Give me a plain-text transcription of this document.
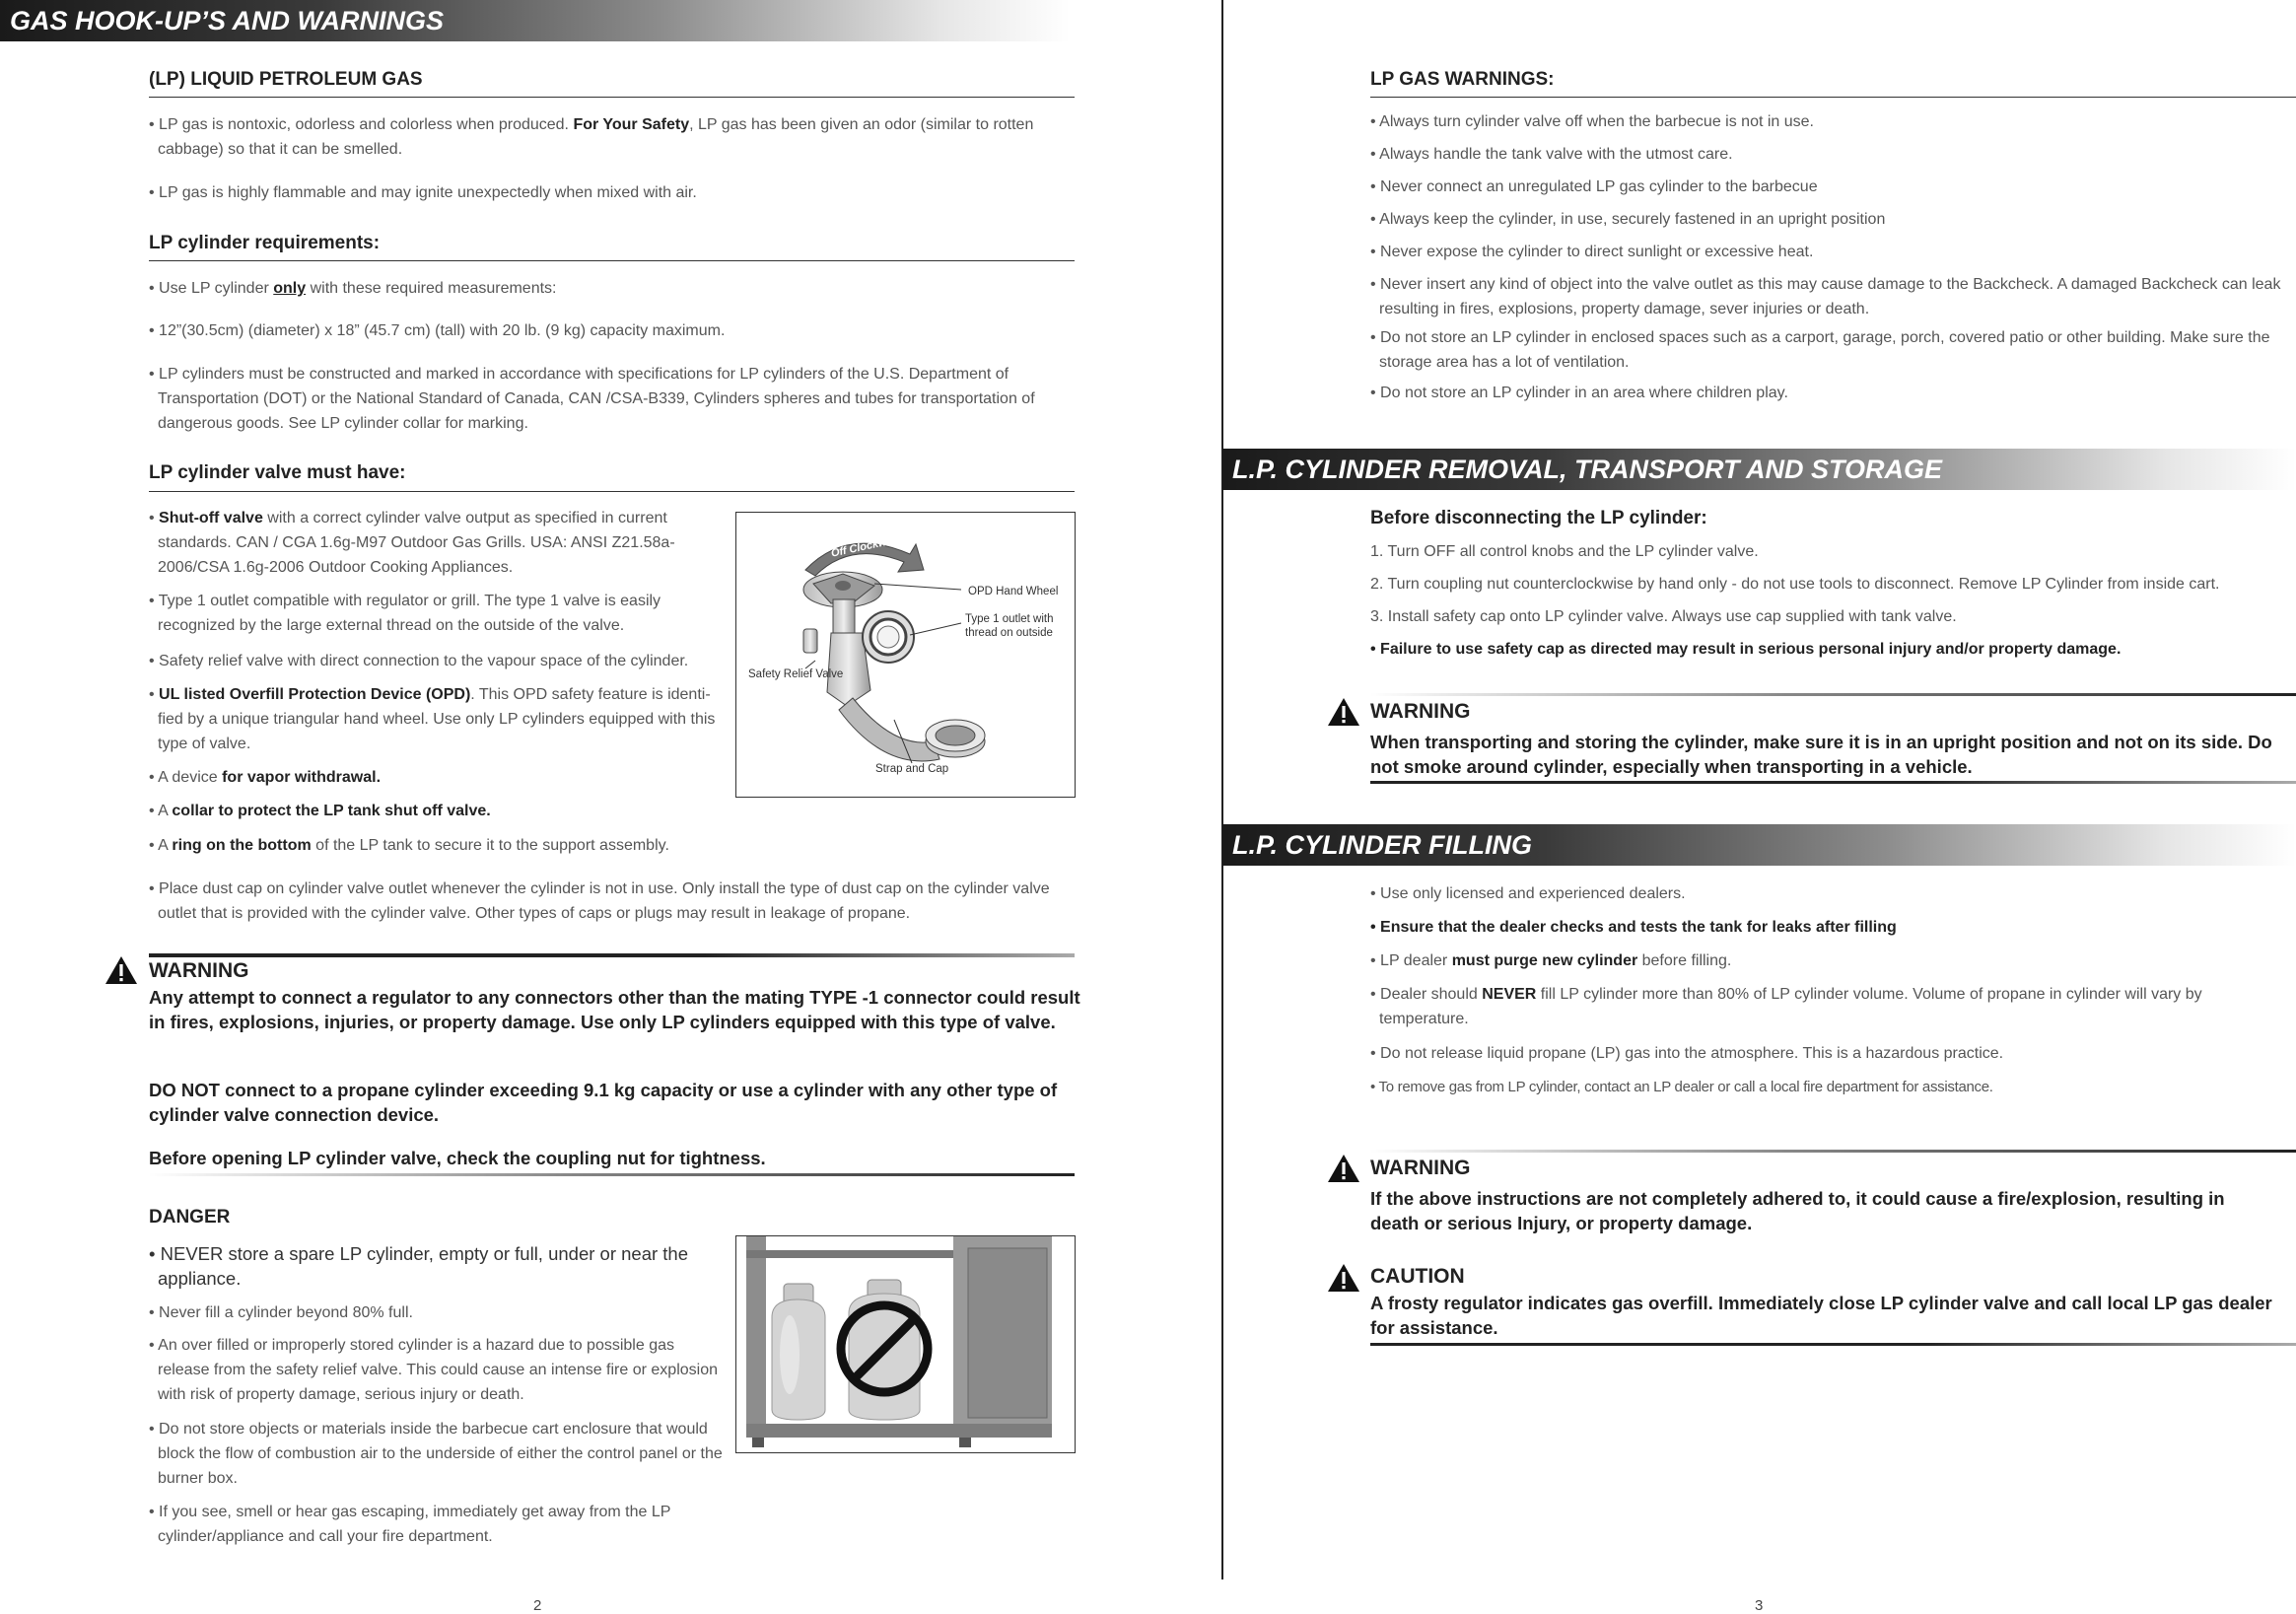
GAS HOOK-UP’S AND WARNINGS
(LP) LIQUID PETROLEUM GAS
• LP gas is nontoxic, odorless and colorless when produced. For Your Safety, LP gas has been given an odor (similar to rotten cabbage) so that it can be smelled.
• LP gas is highly flammable and may ignite unexpectedly when mixed with air.
LP cylinder requirements:
• Use LP cylinder only with these required measurements:
• 12”(30.5cm) (diameter) x 18” (45.7 cm) (tall) with 20 lb. (9 kg) capacity maximum.
• LP cylinders must be constructed and marked in accordance with specifications for LP cylinders of the U.S. Department of Transportation (DOT) or the National Standard of Canada, CAN /CSA-B339, Cylinders spheres and tubes for transportation of dangerous goods. See LP cylinder collar for marking.
LP cylinder valve must have:
• Shut-off valve with a correct cylinder valve output as specified in current standards. CAN / CGA 1.6g-M97 Outdoor Gas Grills. USA: ANSI Z21.58a-2006/CSA 1.6g-2006 Outdoor Cooking Appliances.
• Type 1 outlet compatible with regulator or grill. The type 1 valve is easily recognized by the large external thread on the outside of the valve.
• Safety relief valve with direct connection to the vapour space of the cylinder.
• UL listed Overfill Protection Device (OPD). This OPD safety feature is identi-fied by a unique triangular hand wheel. Use only LP cylinders equipped with this type of valve.
• A device for vapor withdrawal.
• A collar to protect the LP tank shut off valve.
• A ring on the bottom of the LP tank to secure it to the support assembly.
• Place dust cap on cylinder valve outlet whenever the cylinder is not in use. Only install the type of dust cap on the cylinder valve outlet that is provided with the cylinder valve. Other types of caps or plugs may result in leakage of propane.
Off Clockwise
OPD Hand Wheel
Type 1 outlet with
thread on outside
Safety Relief Valve
Strap and Cap
WARNING
Any attempt to connect a regulator to any connectors other than the mating TYPE -1 connector could result in fires, explosions, injuries, or property damage. Use only LP cylinders equipped with this type of valve.
DO NOT connect to a propane cylinder exceeding 9.1 kg capacity or use a cylinder with any other type of cylinder valve connection device.
Before opening LP cylinder valve, check the coupling nut for tightness.
DANGER
• NEVER store a spare LP cylinder, empty or full, under or near the appliance.
• Never fill a cylinder beyond 80% full.
• An over filled or improperly stored cylinder is a hazard due to possible gas release from the safety relief valve. This could cause an intense fire or explosion with risk of property damage, serious injury or death.
• Do not store objects or materials inside the barbecue cart enclosure that would block the flow of combustion air to the underside of either the control panel or the burner box.
• If you see, smell or hear gas escaping, immediately get away from the LP cylinder/appliance and call your fire department.
2
LP GAS WARNINGS:
• Always turn cylinder valve off when the barbecue is not in use.
• Always handle the tank valve with the utmost care.
• Never connect an unregulated LP gas cylinder to the barbecue
• Always keep the cylinder, in use, securely fastened in an upright position
• Never expose the cylinder to direct sunlight or excessive heat.
• Never insert any kind of object into the valve outlet as this may cause damage to the Backcheck. A damaged Backcheck can leak resulting in fires, explosions, property damage, sever injuries or death.
• Do not store an LP cylinder in enclosed spaces such as a carport, garage, porch, covered patio or other building. Make sure the storage area has a lot of ventilation.
• Do not store an LP cylinder in an area where children play.
L.P. CYLINDER REMOVAL, TRANSPORT AND STORAGE
Before disconnecting the LP cylinder:
1. Turn OFF all control knobs and the LP cylinder valve.
2. Turn coupling nut counterclockwise by hand only - do not use tools to disconnect. Remove LP Cylinder from inside cart.
3. Install safety cap onto LP cylinder valve. Always use cap supplied with tank valve.
• Failure to use safety cap as directed may result in serious personal injury and/or property damage.
WARNING
When transporting and storing the cylinder, make sure it is in an upright position and not on its side. Do not smoke around cylinder, especially when transporting in a vehicle.
L.P. CYLINDER FILLING
• Use only licensed and experienced dealers.
• Ensure that the dealer checks and tests the tank for leaks after filling
• LP dealer must purge new cylinder before filling.
• Dealer should NEVER fill LP cylinder more than 80% of LP cylinder volume. Volume of propane in cylinder will vary by temperature.
• Do not release liquid propane (LP) gas into the atmosphere. This is a hazardous practice.
• To remove gas from LP cylinder, contact an LP dealer or call a local fire department for assistance.
WARNING
If the above instructions are not completely adhered to, it could cause a fire/explosion, resulting in death or serious Injury, or property damage.
CAUTION
A frosty regulator indicates gas overfill. Immediately close LP cylinder valve and call local LP gas dealer for assistance.
3
